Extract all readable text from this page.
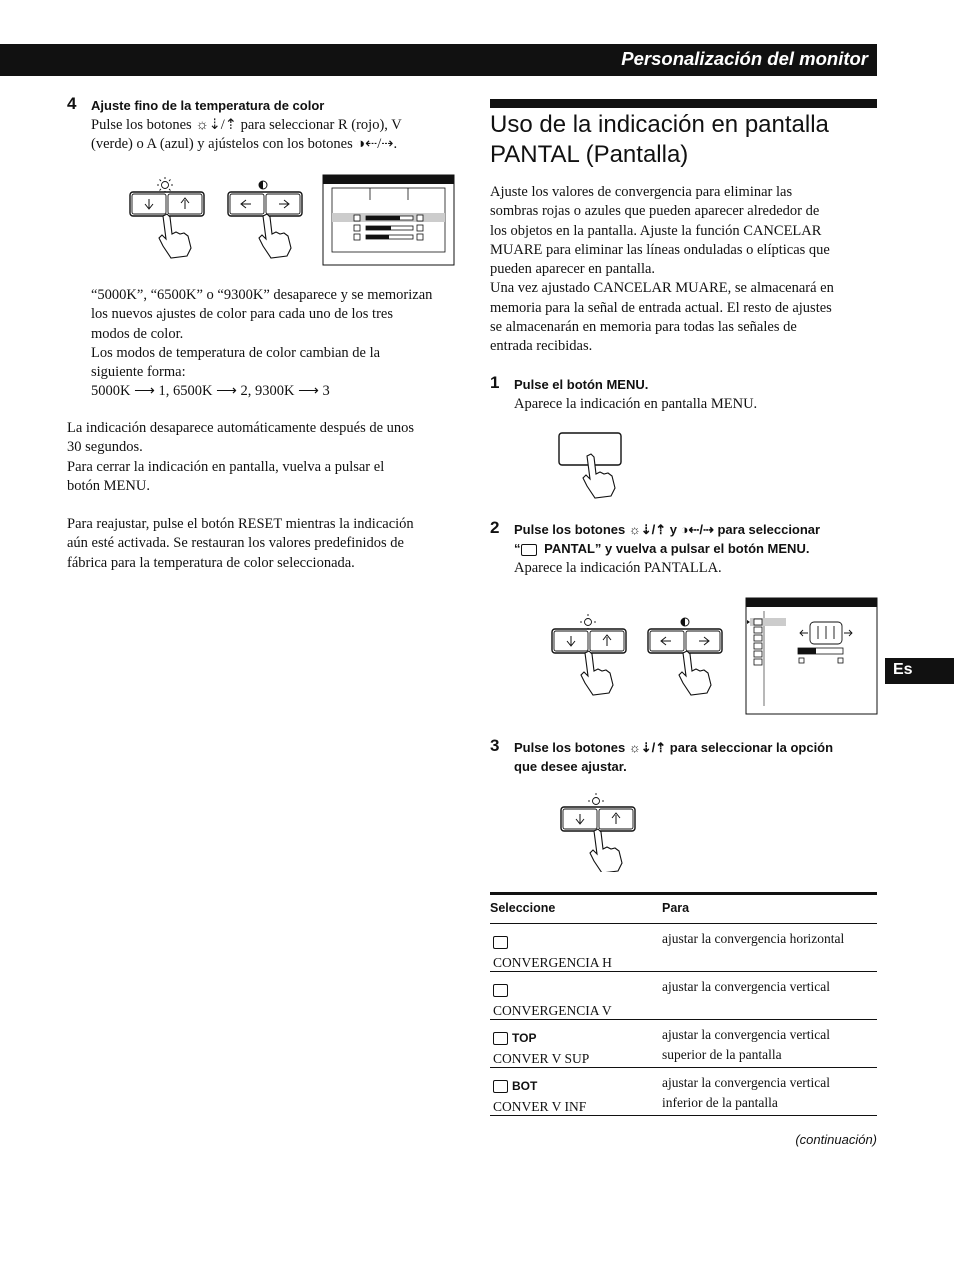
Personalización del monitor
Es
4 Ajuste fino de la temperatura de color
Pulse los botones ☼⇣/⇡ para seleccionar R (rojo), V
(verde) o A (azul) y ajústelos con los botones ◑⇠/⇢.
“5000K”, “6500K” o “9300K” desaparece y se memorizan
los nuevos ajustes de color para cada uno de los tres
modos de color.
Los modos de temperatura de color cambian de la
siguiente forma:
5000K ⟶ 1, 6500K ⟶ 2, 9300K ⟶ 3
La indicación desaparece automáticamente después de unos
30 segundos.
Para cerrar la indicación en pantalla, vuelva a pulsar el
botón MENU.
Para reajustar, pulse el botón RESET mientras la indicación
aún esté activada. Se restauran los valores predefinidos de
fábrica para la temperatura de color seleccionada.
Uso de la indicación en pantalla
PANTAL (Pantalla)
Ajuste los valores de convergencia para eliminar las
sombras rojas o azules que pueden aparecer alrededor de
los objetos en la pantalla. Ajuste la función CANCELAR
MUARE para eliminar las líneas onduladas o elípticas que
pueden aparecer en pantalla.
Una vez ajustado CANCELAR MUARE, se almacenará en
memoria para la señal de entrada actual. El resto de ajustes
se almacenarán en memoria para todas las señales de
entrada recibidas.
1 Pulse el botón MENU.
Aparece la indicación en pantalla MENU.
2 Pulse los botones ☼⇣/⇡ y ◑⇠/⇢ para seleccionar
“ PANTAL” y vuelva a pulsar el botón MENU.
Aparece la indicación PANTALLA.
3 Pulse los botones ☼⇣/⇡ para seleccionar la opción
que desee ajustar.
Seleccione	Para
CONVERGENCIA H
ajustar la convergencia horizontal
CONVERGENCIA V
ajustar la convergencia vertical
TOP
CONVER V SUP
ajustar la convergencia vertical
superior de la pantalla
BOT
CONVER V INF
ajustar la convergencia vertical
inferior de la pantalla
(continuación)
